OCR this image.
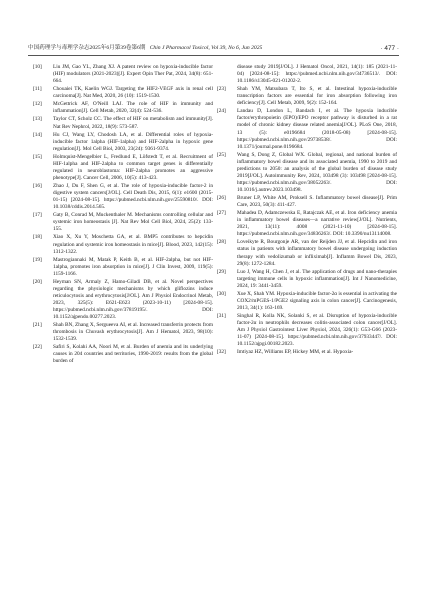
中国药理学与毒理学杂志2025年6月第39卷第6期 Chin J Pharmacol Toxicol, Vol 39, No 6, Jun 2025	· 477 ·
[10]	Liu JM, Gao YL, Zhang XJ. A patent review on hypoxia-inducible factor (HIF) modulators (2021-2023)[J]. Expert Opin Ther Pat, 2024, 34(8): 651-664.
[11]	Chouaiei TK, Kaelin WGJ. Targeting the HIF2-VEGF axis in renal cell carcinoma[J]. Nat Med, 2020, 26 (10): 1519-1530.
[12]	McGettrick AF, O'Neill LAJ. The role of HIF in immunity and inflammation[J]. Cell Metab, 2020, 32(4): 524-536.
[13]	Taylor CT, Scholz CC. The effect of HIF on metabolism and immunity[J]. Nat Rev Nephrol, 2022, 18(9): 573-587.
[14]	Hu CJ, Wang LY, Chodosh LA, et al. Differential roles of hypoxia-inducible factor 1alpha (HIF-1alpha) and HIF-2alpha in hypoxic gene regulation[J]. Mol Cell Biol, 2003, 23(24): 9361-9374.
[15]	Holmquist-Mengelbier L, Fredlund E, Löfstedt T, et al. Recruitment of HIF-1alpha and HIF-2alpha to common target genes is differentially regulated in neuroblastoma: HIF-2alpha promotes an aggressive phenotype[J]. Cancer Cell, 2006, 10(5): 413-423.
[16]	Zhao J, Du F, Shen G, et al. The role of hypoxia-inducible factor-2 in digestive system cancers[J/OL]. Cell Death Dis, 2015, 6(1): e1600 (2015-01-15) [2024-08-15]. https://pubmed.ncbi.nlm.nih.gov/25590810/. DOI: 10.1038/cddis.2014.565.
[17]	Gaty B, Conrad M, Muckenthaler M. Mechanisms controlling cellular and systemic iron homeostasis [J]. Nat Rev Mol Cell Biol, 2024, 25(2): 133-155.
[18]	Xiao X, Xu Y, Moschetta GA, et al. BMP5 contributes to hepcidin regulation and systemic iron homeostasis in mice[J]. Blood, 2023, 142(15): 1312-1322.
[19]	Mastrogiannaki M, Matak P, Keith B, et al. HIF-2alpha, but not HIF-1alpha, promotes iron absorption in mice[J]. J Clin Invest, 2009, 119(5): 1159-1166.
[20]	Heyman SN, Armaly Z, Hamo-Giladi DB, et al. Novel perspectives regarding the physiologic mechanisms by which gliflozins induce reticulocytosis and erythrocytosis[J/OL]. Am J Physiol Endocrinol Metab, 2023, 325(5): E621-E623 (2023-10-11) [2024-08-15]. https://pubmed.ncbi.nlm.nih.gov/37819195/. DOI: 10.1152/ajpendo.00277.2023.
[21]	Shah BN, Zhang X, Sergueeva AI, et al. Increased transferrin protects from thrombosis in Chuvash erythrocytosis[J]. Am J Hematol, 2023, 98(10): 1532-1539.
[22]	Safiri S, Kolahi AA, Noori M, et al. Burden of anemia and its underlying causes in 204 countries and territories, 1990-2019: results from the global burden of
disease study 2019[J/OL]. J Hematol Oncol, 2021, 14(1): 185 (2021-11-04) [2024-08-15]: https://pubmed.ncbi.nlm.nih.gov/34736513/. DOI: 10.1186/s13045-021-01202-2.
[23]	Shah YM, Matsubara T, Ito S, et al. Intestinal hypoxia-inducible transcription factors are essential for iron absorption following iron deficiency[J]. Cell Metab, 2009, 9(2): 152-164.
[24]	Landau D, London L, Bandach I, et al. The hypoxia inducible factor/erythropoietin (EPO)/EPO receptor pathway is disturbed in a rat model of chronic kidney disease related anemia[J/OL]. PLoS One, 2018, 13 (5): e0196684 (2018-05-08) [2024-08-15]. https://pubmed.ncbi.nlm.nih.gov/29738538/. DOI: 10.1371/journal.pone.0196684.
[25]	Wang S, Dong Z, Global WX. Global, regional, and national burden of inflammatory bowel disease and its associated anemia, 1990 to 2019 and predictions to 2050: an analysis of the global burden of disease study 2019[J/OL]. Autoimmunity Rev, 2024, 103498 (3): 103498 [2024-08-15]. https://pubmed.ncbi.nlm.nih.gov/38052263/. DOI: 10.1016/j.autrev.2023.103498.
[26]	Bruner LP, White AM, Proksell S. Inflammatory bowel disease[J]. Prim Care, 2023, 50(3): 411-427.
[27]	Mahadea D, Adamczewska E, Ratajczak AE, et al. Iron deficiency anemia in inflammatory bowel diseases—a narrative review[J/OL]. Nutrients, 2021, 13(11): 4008 (2021-11-10) [2024-08-15]. https://pubmed.ncbi.nlm.nih.gov/34836263/. DOI: 10.3390/nu13114008.
[28]	Loveikyte R, Bourgonje AR, van der Reijden JJ, et al. Hepcidin and iron status in patients with inflammatory bowel disease undergoing induction therapy with vedolizumab or infliximab[J]. Inflamm Bowel Dis, 2023, 29(8): 1272-1284.
[29]	Luo J, Wang H, Chen J, et al. The application of drugs and nano-therapies targeting immune cells in hypoxic inflammation[J]. Int J Nanomedicine, 2024, 19: 3441-3459.
[30]	Xue X, Shah YM. Hypoxia-inducible factor-2α is essential in activating the COX2/mPGES-1/PGE2 signaling axis in colon cancer[J]. Carcinogenesis, 2013, 34(1): 163-169.
[31]	Singhal R, Kolla NK, Solanki S, et al. Disruption of hypoxia-inducible factor-2α in neutrophils decreases colitis-associated colon cancer[J/OL]. Am J Physiol Gastrointest Liver Physiol, 2024, 326(1): G53-G66 (2023-11-07) [2024-08-15]. https://pubmed.ncbi.nlm.nih.gov/37933447/. DOI: 10.1152/ajpgi.00182.2023.
[32]	Imtiyaz HZ, Williams EP, Hickey MM, et al. Hypoxia-
